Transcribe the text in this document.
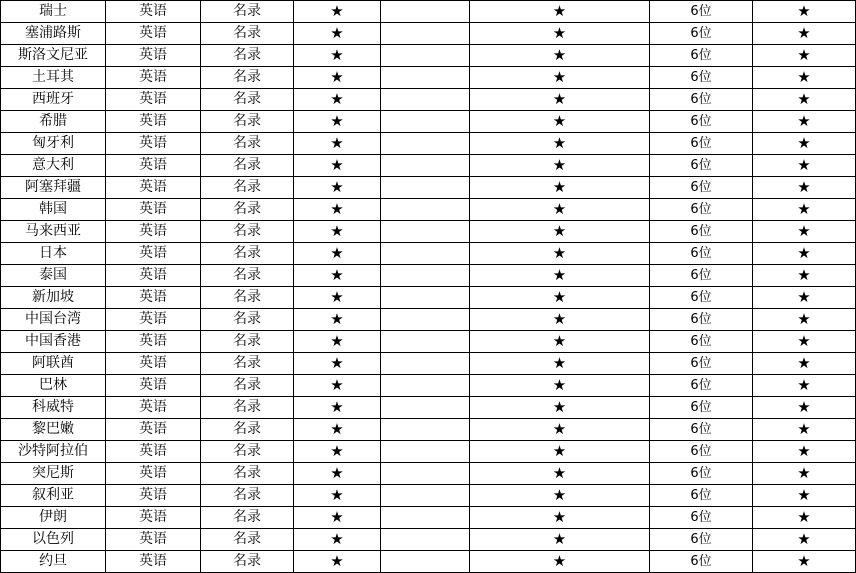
瑞士	英语	名录	★		★	6位	★
塞浦路斯	英语	名录	★		★	6位	★
斯洛文尼亚	英语	名录	★		★	6位	★
土耳其	英语	名录	★		★	6位	★
西班牙	英语	名录	★		★	6位	★
希腊	英语	名录	★		★	6位	★
匈牙利	英语	名录	★		★	6位	★
意大利	英语	名录	★		★	6位	★
阿塞拜疆	英语	名录	★		★	6位	★
韩国	英语	名录	★		★	6位	★
马来西亚	英语	名录	★		★	6位	★
日本	英语	名录	★		★	6位	★
泰国	英语	名录	★		★	6位	★
新加坡	英语	名录	★		★	6位	★
中国台湾	英语	名录	★		★	6位	★
中国香港	英语	名录	★		★	6位	★
阿联酋	英语	名录	★		★	6位	★
巴林	英语	名录	★		★	6位	★
科威特	英语	名录	★		★	6位	★
黎巴嫩	英语	名录	★		★	6位	★
沙特阿拉伯	英语	名录	★		★	6位	★
突尼斯	英语	名录	★		★	6位	★
叙利亚	英语	名录	★		★	6位	★
伊朗	英语	名录	★		★	6位	★
以色列	英语	名录	★		★	6位	★
约旦	英语	名录	★		★	6位	★
